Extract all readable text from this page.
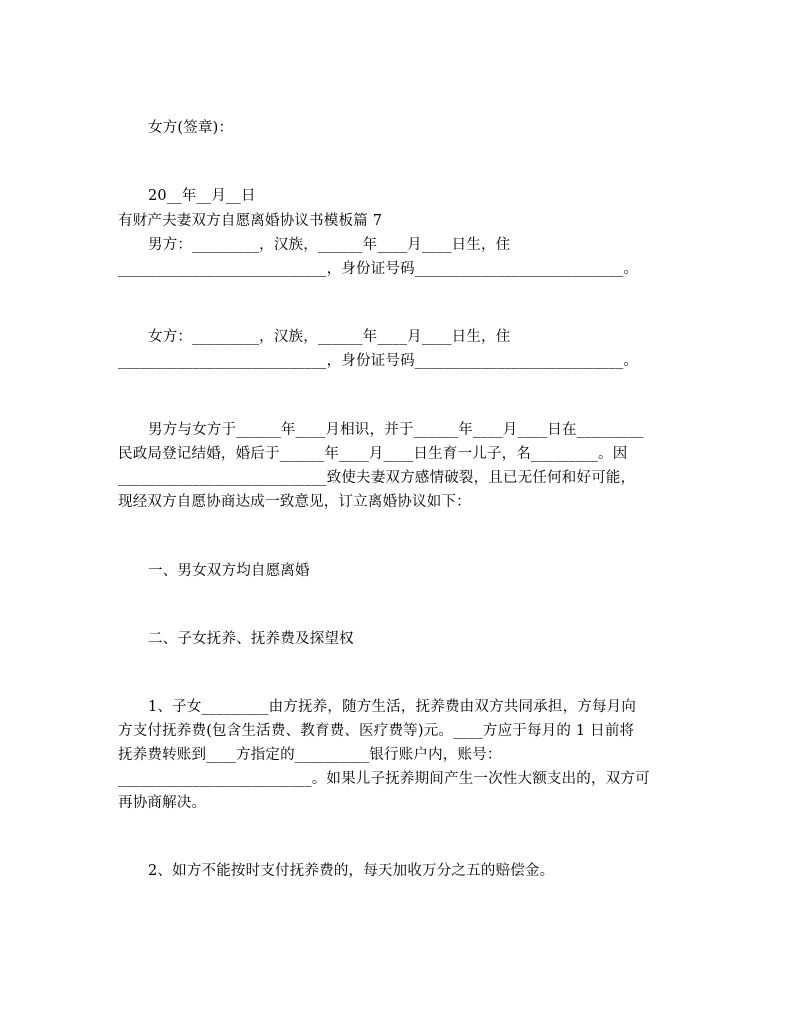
女方(签章)：
20__年__月__日
有财产夫妻双方自愿离婚协议书模板篇 7
男方：_________，汉族，______年____月____日生，住
____________________________，身份证号码____________________________。
女方：_________，汉族，______年____月____日生，住
____________________________，身份证号码____________________________。
男方与女方于______年____月相识，并于______年____月____日在_________
民政局登记结婚，婚后于______年____月____日生育一儿子，名_________。因
____________________________致使夫妻双方感情破裂，且已无任何和好可能，
现经双方自愿协商达成一致意见，订立离婚协议如下：
一、男女双方均自愿离婚
二、子女抚养、抚养费及探望权
1、子女_________由方抚养，随方生活，抚养费由双方共同承担，方每月向
方支付抚养费(包含生活费、教育费、医疗费等)元。____方应于每月的 1 日前将
抚养费转账到____方指定的__________银行账户内，账号：
__________________________。如果儿子抚养期间产生一次性大额支出的，双方可
再协商解决。
2、如方不能按时支付抚养费的，每天加收万分之五的赔偿金。
